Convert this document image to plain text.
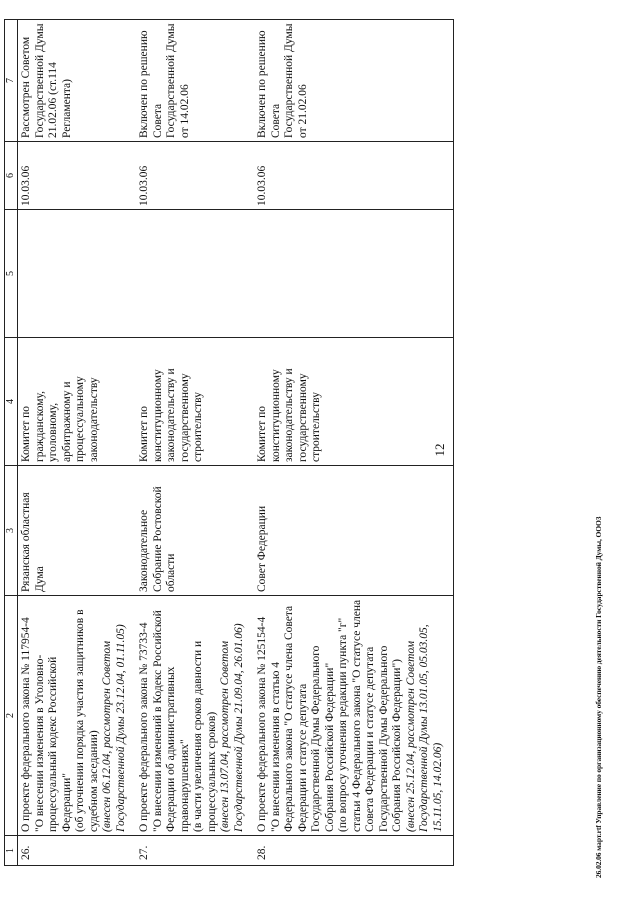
1	2	3	4	5	6	7
26.	О проекте федерального закона № 117954-4 "О внесении изменения в Уголовно-процессуальный кодекс Российской Федерации" (об уточнении порядка участия защитников в судебном заседании) (внесен 06.12.04, рассмотрен Советом Государственной Думы 23.12.04, 01.11.05)	Рязанская областная Дума	Комитет по гражданскому, уголовному, арбитражному и процессуальному законодательству		10.03.06	Рассмотрен Советом Государственной Думы 21.02.06 (ст.114 Регламента)
27.	О проекте федерального закона № 73733-4 "О внесении изменений в Кодекс Российской Федерации об административных правонарушениях" (в части увеличения сроков давности и процессуальных сроков) (внесен 13.07.04, рассмотрен Советом Государственной Думы 21.09.04, 26.01.06)	Законодательное Собрание Ростовской области	Комитет по конституционному законодательству и государственному строительству		10.03.06	Включен по решению Совета Государственной Думы от 14.02.06
28.	О проекте федерального закона № 125154-4 "О внесении изменения в статью 4 Федерального закона "О статусе члена Совета Федерации и статусе депутата Государственной Думы Федерального Собрания Российской Федерации" (по вопросу уточнения редакции пункта "г" статьи 4 Федерального закона "О статусе члена Совета Федерации и статусе депутата Государственной Думы Федерального Собрания Российской Федерации") (внесен 25.12.04, рассмотрен Советом Государственной Думы 13.01.05, 05.03.05, 15.11.05, 14.02.06)	Совет Федерации	Комитет по конституционному законодательству и государственному строительству		10.03.06	Включен по решению Совета Государственной Думы от 21.02.06
12
26.02.06 март.rtf Управление по организационному обеспечению деятельности Государственной Думы, ООО3
